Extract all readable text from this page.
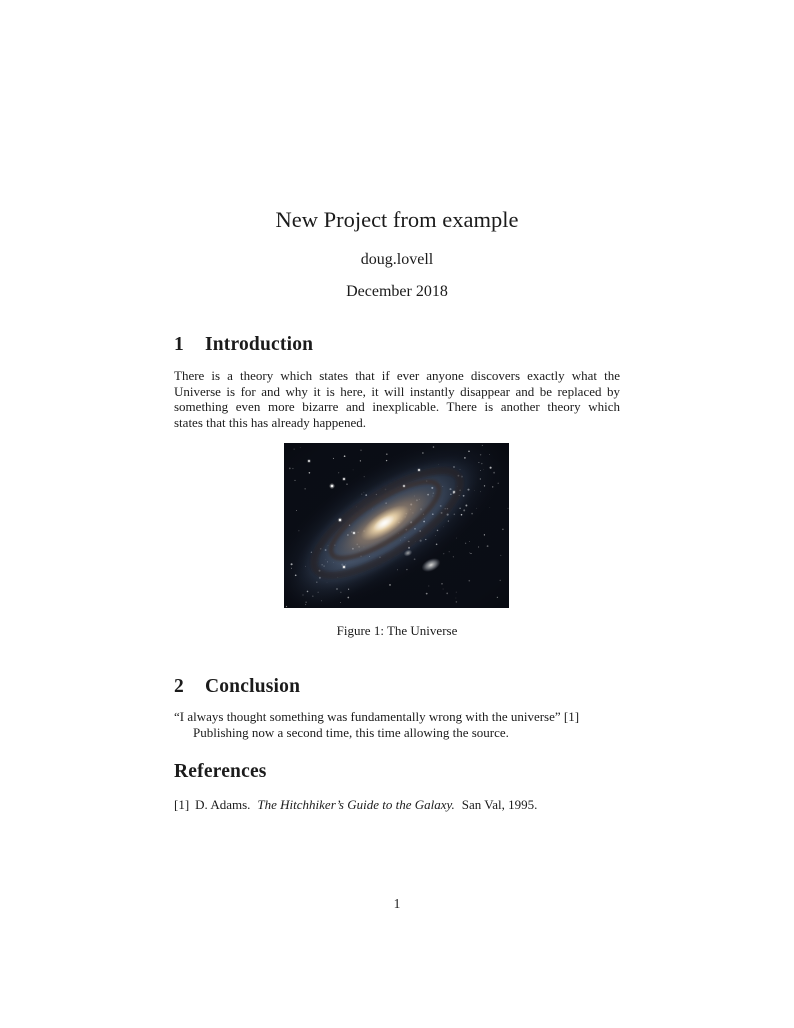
New Project from example
doug.lovell
December 2018
1 Introduction
There is a theory which states that if ever anyone discovers exactly what the
Universe is for and why it is here, it will instantly disappear and be replaced by
something even more bizarre and inexplicable. There is another theory which
states that this has already happened.
Figure 1: The Universe
2 Conclusion
“I always thought something was fundamentally wrong with the universe” [1]
Publishing now a second time, this time allowing the source.
References
[1] D. Adams. The Hitchhiker’s Guide to the Galaxy. San Val, 1995.
1
